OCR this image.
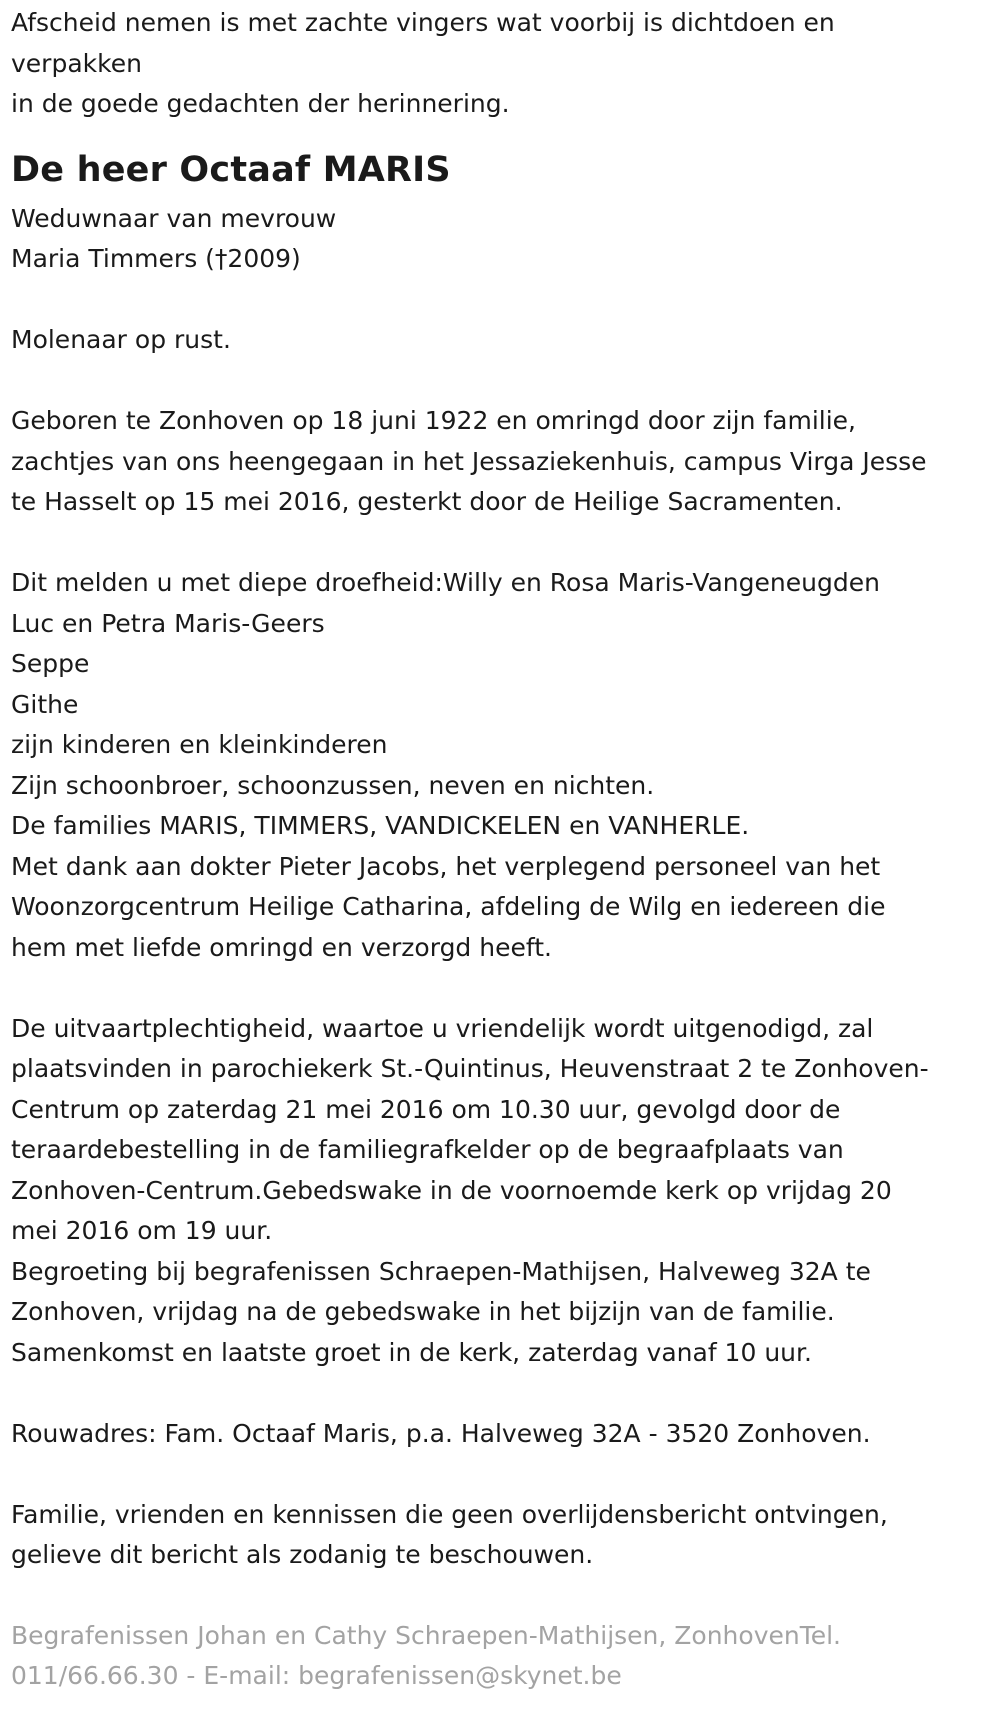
Afscheid nemen is met zachte vingers wat voorbij is dichtdoen en
verpakken
in de goede gedachten der herinnering.

De heer Octaaf MARIS

Weduwnaar van mevrouw
Maria Timmers (†2009)

Molenaar op rust.

Geboren te Zonhoven op 18 juni 1922 en omringd door zijn familie,
zachtjes van ons heengegaan in het Jessaziekenhuis, campus Virga Jesse
te Hasselt op 15 mei 2016, gesterkt door de Heilige Sacramenten.

Dit melden u met diepe droefheid:Willy en Rosa Maris-Vangeneugden
Luc en Petra Maris-Geers
Seppe
Githe
zijn kinderen en kleinkinderen
Zijn schoonbroer, schoonzussen, neven en nichten.
De families MARIS, TIMMERS, VANDICKELEN en VANHERLE.
Met dank aan dokter Pieter Jacobs, het verplegend personeel van het
Woonzorgcentrum Heilige Catharina, afdeling de Wilg en iedereen die
hem met liefde omringd en verzorgd heeft.

De uitvaartplechtigheid, waartoe u vriendelijk wordt uitgenodigd, zal
plaatsvinden in parochiekerk St.-Quintinus, Heuvenstraat 2 te Zonhoven-
Centrum op zaterdag 21 mei 2016 om 10.30 uur, gevolgd door de
teraardebestelling in de familiegrafkelder op de begraafplaats van
Zonhoven-Centrum.Gebedswake in de voornoemde kerk op vrijdag 20
mei 2016 om 19 uur.
Begroeting bij begrafenissen Schraepen-Mathijsen, Halveweg 32A te
Zonhoven, vrijdag na de gebedswake in het bijzijn van de familie.
Samenkomst en laatste groet in de kerk, zaterdag vanaf 10 uur.

Rouwadres: Fam. Octaaf Maris, p.a. Halveweg 32A - 3520 Zonhoven.

Familie, vrienden en kennissen die geen overlijdensbericht ontvingen,
gelieve dit bericht als zodanig te beschouwen.

Begrafenissen Johan en Cathy Schraepen-Mathijsen, ZonhovenTel.
011/66.66.30 - E-mail: begrafenissen@skynet.be
